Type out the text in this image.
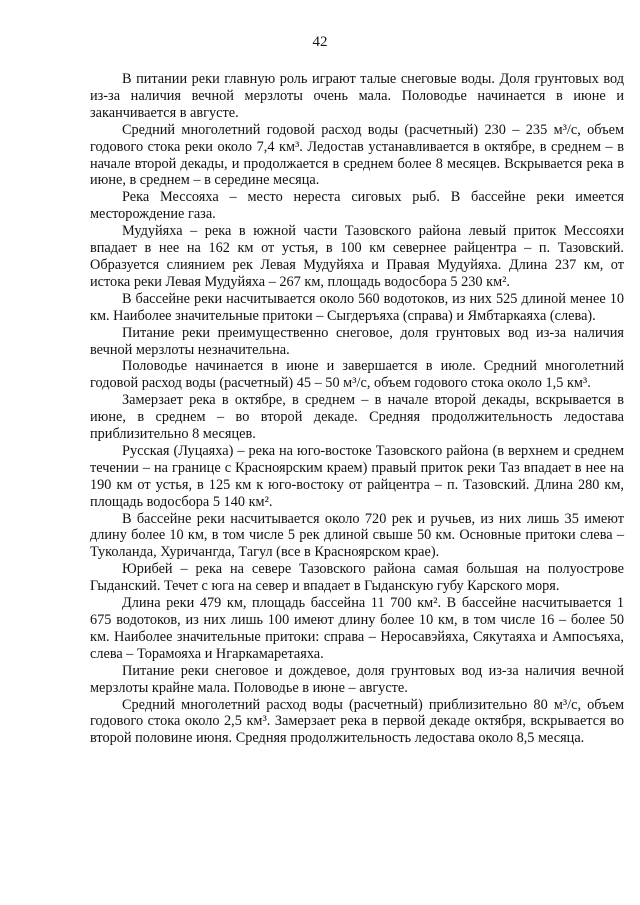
42

В питании реки главную роль играют талые снеговые воды. Доля грунтовых вод из-за наличия вечной мерзлоты очень мала. Половодье начинается в июне и заканчивается в августе.

Средний многолетний годовой расход воды (расчетный) 230 – 235 м³/с, объем годового стока реки около 7,4 км³. Ледостав устанавливается в октябре, в среднем – в начале второй декады, и продолжается в среднем более 8 месяцев. Вскрывается река в июне, в среднем – в середине месяца.

Река Мессояха – место нереста сиговых рыб. В бассейне реки имеется месторождение газа.

Мудуйяха – река в южной части Тазовского района левый приток Мессояхи впадает в нее на 162 км от устья, в 100 км севернее райцентра – п. Тазовский. Образуется слиянием рек Левая Мудуйяха и Правая Мудуйяха. Длина 237 км, от истока реки Левая Мудуйяха – 267 км, площадь водосбора 5 230 км².

В бассейне реки насчитывается около 560 водотоков, из них 525 длиной менее 10 км. Наиболее значительные притоки – Сыгдеръяха (справа) и Ямбтаркаяха (слева).

Питание реки преимущественно снеговое, доля грунтовых вод из-за наличия вечной мерзлоты незначительна.

Половодье начинается в июне и завершается в июле. Средний многолетний годовой расход воды (расчетный) 45 – 50 м³/с, объем годового стока около 1,5 км³.

Замерзает река в октябре, в среднем – в начале второй декады, вскрывается в июне, в среднем – во второй декаде. Средняя продолжительность ледостава приблизительно 8 месяцев.

Русская (Луцаяха) – река на юго-востоке Тазовского района (в верхнем и среднем течении – на границе с Красноярским краем) правый приток реки Таз впадает в нее на 190 км от устья, в 125 км к юго-востоку от райцентра – п. Тазовский. Длина 280 км, площадь водосбора 5 140 км².

В бассейне реки насчитывается около 720 рек и ручьев, из них лишь 35 имеют длину более 10 км, в том числе 5 рек длиной свыше 50 км. Основные притоки слева – Туколанда, Хуричангда, Тагул (все в Красноярском крае).

Юрибей – река на севере Тазовского района самая большая на полуострове Гыданский. Течет с юга на север и впадает в Гыданскую губу Карского моря.

Длина реки 479 км, площадь бассейна 11 700 км². В бассейне насчитывается 1 675 водотоков, из них лишь 100 имеют длину более 10 км, в том числе 16 – более 50 км. Наиболее значительные притоки: справа – Неросавэйяха, Сякутаяха и Ампосъяха, слева – Торамояха и Нгаркамаретаяха.

Питание реки снеговое и дождевое, доля грунтовых вод из-за наличия вечной мерзлоты крайне мала. Половодье в июне – августе.

Средний многолетний расход воды (расчетный) приблизительно 80 м³/с, объем годового стока около 2,5 км³. Замерзает река в первой декаде октября, вскрывается во второй половине июня. Средняя продолжительность ледостава около 8,5 месяца.
